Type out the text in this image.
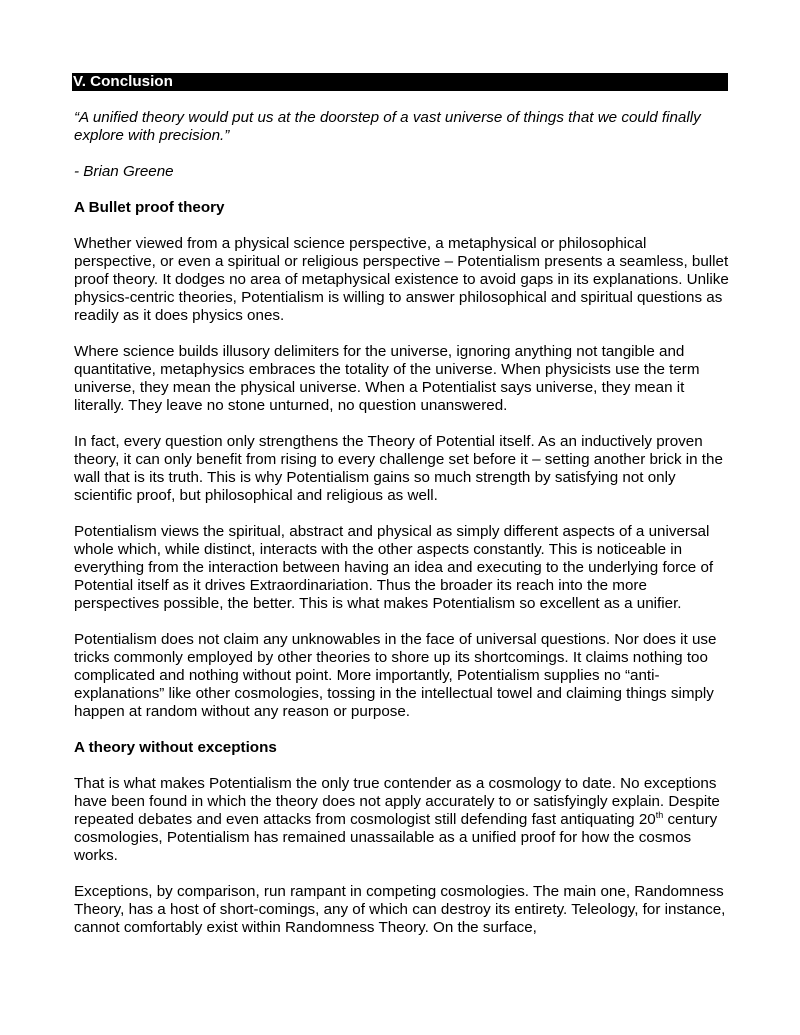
V. Conclusion

“A unified theory would put us at the doorstep of a vast universe of things that we could finally explore with precision.”

- Brian Greene

A Bullet proof theory

Whether viewed from a physical science perspective, a metaphysical or philosophical perspective, or even a spiritual or religious perspective – Potentialism presents a seamless, bullet proof theory. It dodges no area of metaphysical existence to avoid gaps in its explanations. Unlike physics-centric theories, Potentialism is willing to answer philosophical and spiritual questions as readily as it does physics ones.

Where science builds illusory delimiters for the universe, ignoring anything not tangible and quantitative, metaphysics embraces the totality of the universe. When physicists use the term universe, they mean the physical universe. When a Potentialist says universe, they mean it literally. They leave no stone unturned, no question unanswered.

In fact, every question only strengthens the Theory of Potential itself. As an inductively proven theory, it can only benefit from rising to every challenge set before it – setting another brick in the wall that is its truth. This is why Potentialism gains so much strength by satisfying not only scientific proof, but philosophical and religious as well.

Potentialism views the spiritual, abstract and physical as simply different aspects of a universal whole which, while distinct, interacts with the other aspects constantly. This is noticeable in everything from the interaction between having an idea and executing to the underlying force of Potential itself as it drives Extraordinariation. Thus the broader its reach into the more perspectives possible, the better. This is what makes Potentialism so excellent as a unifier.

Potentialism does not claim any unknowables in the face of universal questions. Nor does it use tricks commonly employed by other theories to shore up its shortcomings. It claims nothing too complicated and nothing without point. More importantly, Potentialism supplies no “anti-explanations” like other cosmologies, tossing in the intellectual towel and claiming things simply happen at random without any reason or purpose.

A theory without exceptions

That is what makes Potentialism the only true contender as a cosmology to date. No exceptions have been found in which the theory does not apply accurately to or satisfyingly explain. Despite repeated debates and even attacks from cosmologist still defending fast antiquating 20th century cosmologies, Potentialism has remained unassailable as a unified proof for how the cosmos works.

Exceptions, by comparison, run rampant in competing cosmologies. The main one, Randomness Theory, has a host of short-comings, any of which can destroy its entirety. Teleology, for instance, cannot comfortably exist within Randomness Theory. On the surface,
